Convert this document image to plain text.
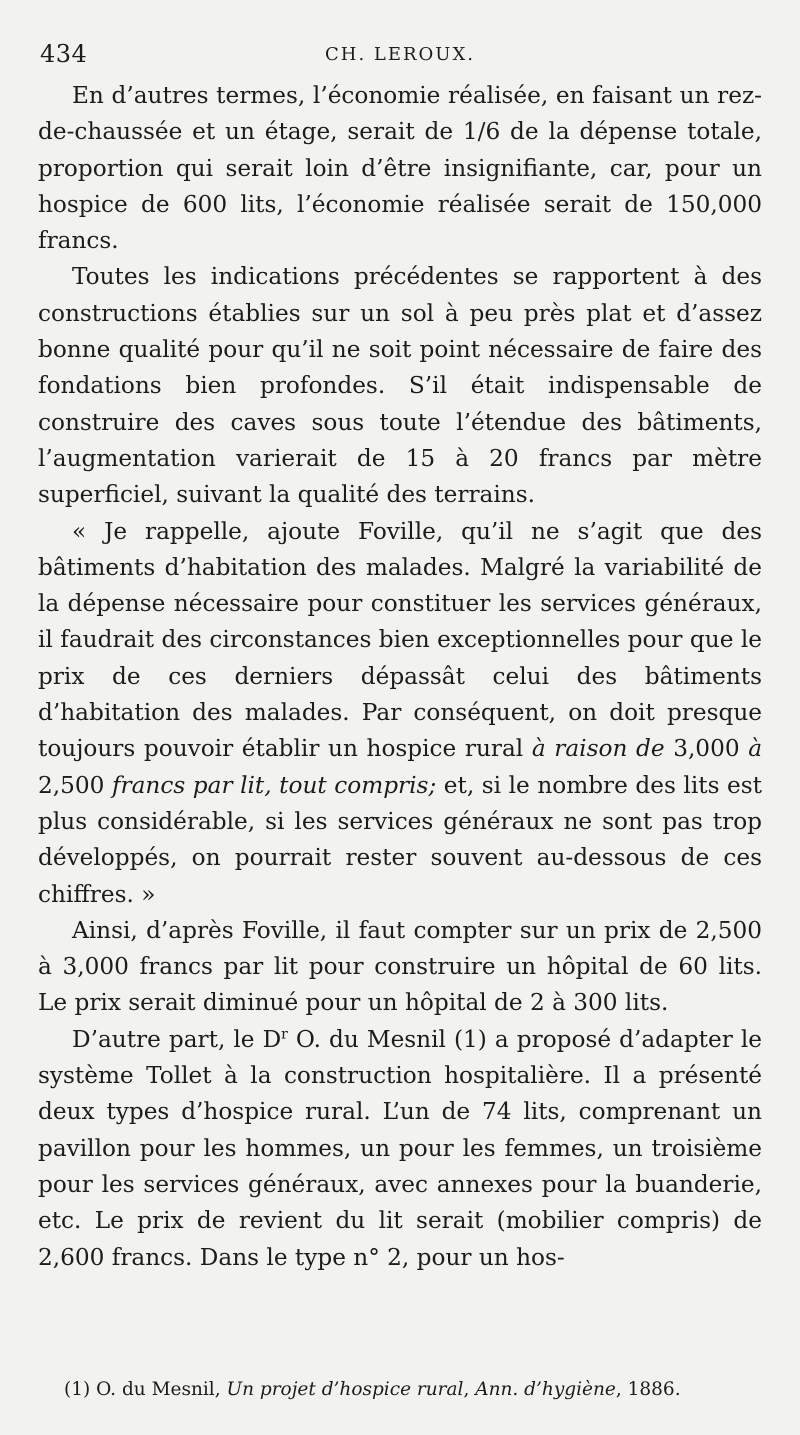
434	CH. LEROUX.

En d’autres termes, l’économie réalisée, en faisant un rez-de-chaussée et un étage, serait de 1/6 de la dépense totale, proportion qui serait loin d’être insignifiante, car, pour un hospice de 600 lits, l’économie réalisée serait de 150,000 francs.

Toutes les indications précédentes se rapportent à des constructions établies sur un sol à peu près plat et d’assez bonne qualité pour qu’il ne soit point nécessaire de faire des fondations bien profondes. S’il était indispensable de construire des caves sous toute l’étendue des bâtiments, l’augmentation varierait de 15 à 20 francs par mètre superficiel, suivant la qualité des terrains.

« Je rappelle, ajoute Foville, qu’il ne s’agit que des bâtiments d’habitation des malades. Malgré la variabilité de la dépense nécessaire pour constituer les services généraux, il faudrait des circonstances bien exceptionnelles pour que le prix de ces derniers dépassât celui des bâtiments d’habitation des malades. Par conséquent, on doit presque toujours pouvoir établir un hospice rural à raison de 3,000 à 2,500 francs par lit, tout compris; et, si le nombre des lits est plus considérable, si les services généraux ne sont pas trop développés, on pourrait rester souvent au-dessous de ces chiffres. »

Ainsi, d’après Foville, il faut compter sur un prix de 2,500 à 3,000 francs par lit pour construire un hôpital de 60 lits. Le prix serait diminué pour un hôpital de 2 à 300 lits.

D’autre part, le $D^r$ O. du Mesnil (1) a proposé d’adapter le système Tollet à la construction hospitalière. Il a présenté deux types d’hospice rural. L’un de 74 lits, comprenant un pavillon pour les hommes, un pour les femmes, un troisième pour les services généraux, avec annexes pour la buanderie, etc. Le prix de revient du lit serait (mobilier compris) de 2,600 francs. Dans le type n° 2, pour un hos-

(1) O. du Mesnil, Un projet d’hospice rural, Ann. d’hygiène, 1886.
